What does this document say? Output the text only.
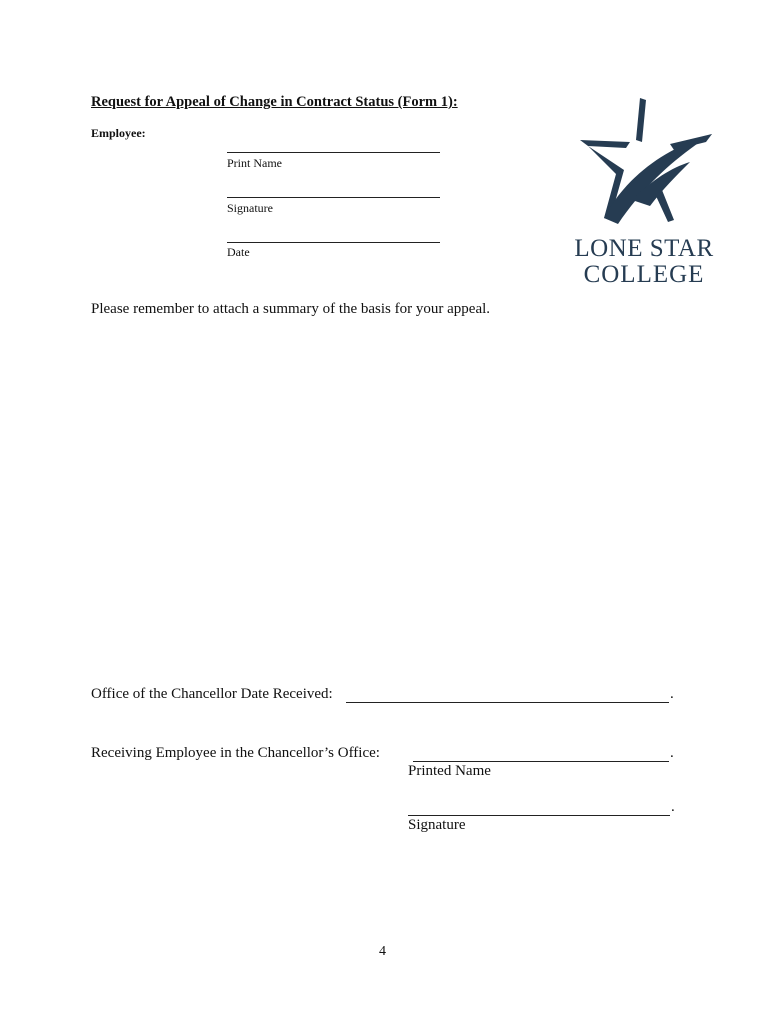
Request for Appeal of Change in Contract Status (Form 1):
Employee:
Print Name
Signature
Date	LONE STAR
COLLEGE
Please remember to attach a summary of the basis for your appeal.
Office of the Chancellor Date Received:	.
Receiving Employee in the Chancellor’s Office:	.
Printed Name
.
Signature
4
